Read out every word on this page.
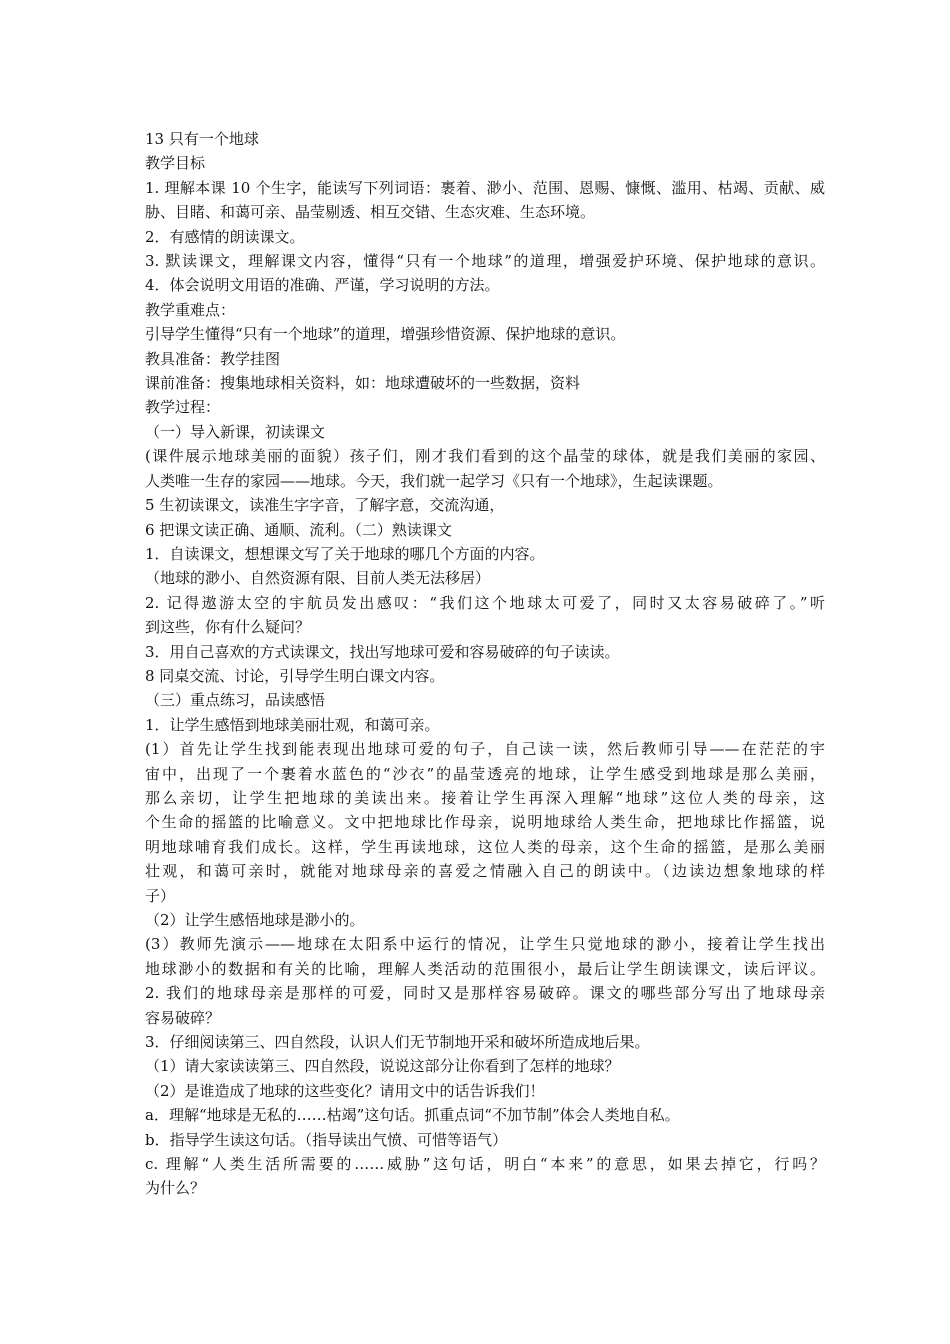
13 只有一个地球
教学目标
1. 理解本课 10 个生字，能读写下列词语：裹着、渺小、范围、恩赐、慷慨、滥用、枯竭、贡献、威
胁、目睹、和蔼可亲、晶莹剔透、相互交错、生态灾难、生态环境。
2．有感情的朗读课文。
3. 默读课文，理解课文内容，懂得“只有一个地球”的道理，增强爱护环境、保护地球的意识。
4．体会说明文用语的准确、严谨，学习说明的方法。
教学重难点：
引导学生懂得“只有一个地球”的道理，增强珍惜资源、保护地球的意识。
教具准备：教学挂图
课前准备：搜集地球相关资料，如：地球遭破坏的一些数据，资料
教学过程：
（一）导入新课，初读课文
(课件展示地球美丽的面貌）孩子们，刚才我们看到的这个晶莹的球体，就是我们美丽的家园、
人类唯一生存的家园——地球。今天，我们就一起学习《只有一个地球》，生起读课题。
5 生初读课文，读准生字字音，了解字意，交流沟通，
6 把课文读正确、通顺、流利。（二）熟读课文
1．自读课文，想想课文写了关于地球的哪几个方面的内容。
（地球的渺小、自然资源有限、目前人类无法移居）
2. 记得遨游太空的宇航员发出感叹：“我们这个地球太可爱了，同时又太容易破碎了。”听
到这些，你有什么疑问？
3．用自己喜欢的方式读课文，找出写地球可爱和容易破碎的句子读读。
8 同桌交流、讨论，引导学生明白课文内容。
（三）重点练习，品读感悟
1．让学生感悟到地球美丽壮观，和蔼可亲。
(1）首先让学生找到能表现出地球可爱的句子，自己读一读，然后教师引导——在茫茫的宇
宙中，出现了一个裹着水蓝色的“沙衣”的晶莹透亮的地球，让学生感受到地球是那么美丽，
那么亲切，让学生把地球的美读出来。接着让学生再深入理解“地球”这位人类的母亲，这
个生命的摇篮的比喻意义。文中把地球比作母亲，说明地球给人类生命，把地球比作摇篮，说
明地球哺育我们成长。这样，学生再读地球，这位人类的母亲，这个生命的摇篮，是那么美丽
壮观，和蔼可亲时，就能对地球母亲的喜爱之情融入自己的朗读中。（边读边想象地球的样
子）
（2）让学生感悟地球是渺小的。
(3）教师先演示——地球在太阳系中运行的情况，让学生只觉地球的渺小，接着让学生找出
地球渺小的数据和有关的比喻，理解人类活动的范围很小，最后让学生朗读课文，读后评议。
2. 我们的地球母亲是那样的可爱，同时又是那样容易破碎。课文的哪些部分写出了地球母亲
容易破碎？
3．仔细阅读第三、四自然段，认识人们无节制地开采和破坏所造成地后果。
（1）请大家读读第三、四自然段，说说这部分让你看到了怎样的地球？
（2）是谁造成了地球的这些变化？请用文中的话告诉我们！
a．理解“地球是无私的……枯竭”这句话。抓重点词“不加节制”体会人类地自私。
b．指导学生读这句话。（指导读出气愤、可惜等语气）
c. 理解“人类生活所需要的……威胁”这句话，明白“本来”的意思，如果去掉它，行吗？
为什么？
